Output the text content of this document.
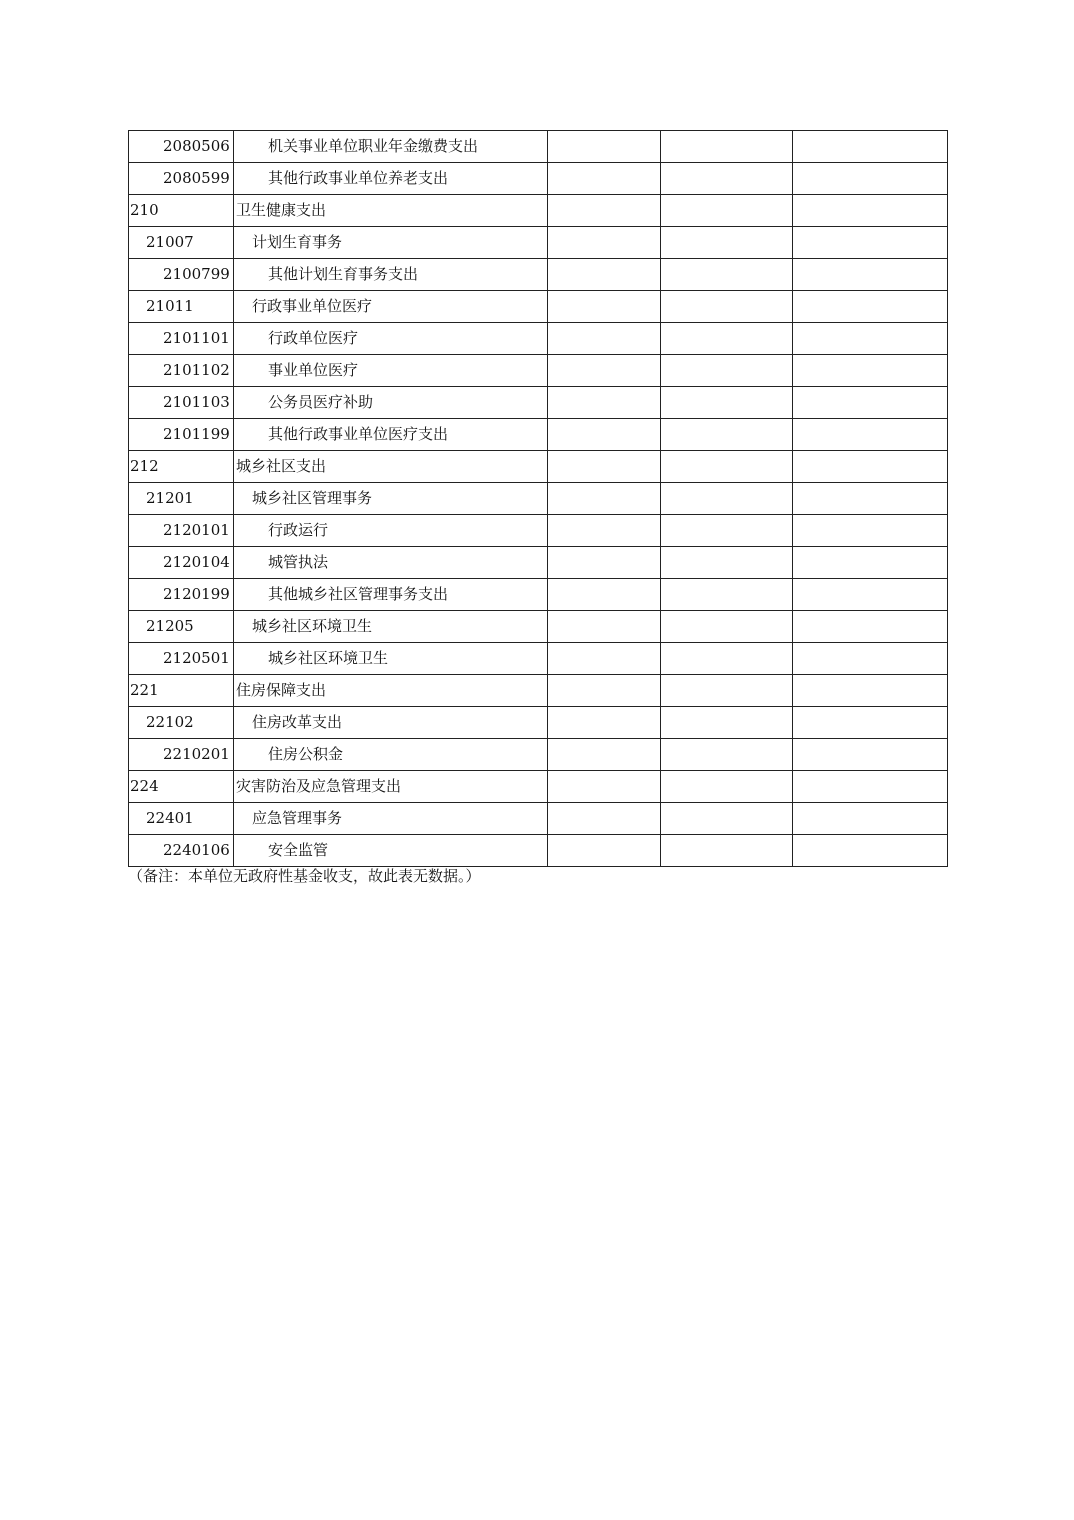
2080506	机关事业单位职业年金缴费支出			
2080599	其他行政事业单位养老支出			
210	卫生健康支出			
21007	计划生育事务			
2100799	其他计划生育事务支出			
21011	行政事业单位医疗			
2101101	行政单位医疗			
2101102	事业单位医疗			
2101103	公务员医疗补助			
2101199	其他行政事业单位医疗支出			
212	城乡社区支出			
21201	城乡社区管理事务			
2120101	行政运行			
2120104	城管执法			
2120199	其他城乡社区管理事务支出			
21205	城乡社区环境卫生			
2120501	城乡社区环境卫生			
221	住房保障支出			
22102	住房改革支出			
2210201	住房公积金			
224	灾害防治及应急管理支出			
22401	应急管理事务			
2240106	安全监管			
（备注：本单位无政府性基金收支，故此表无数据。）
